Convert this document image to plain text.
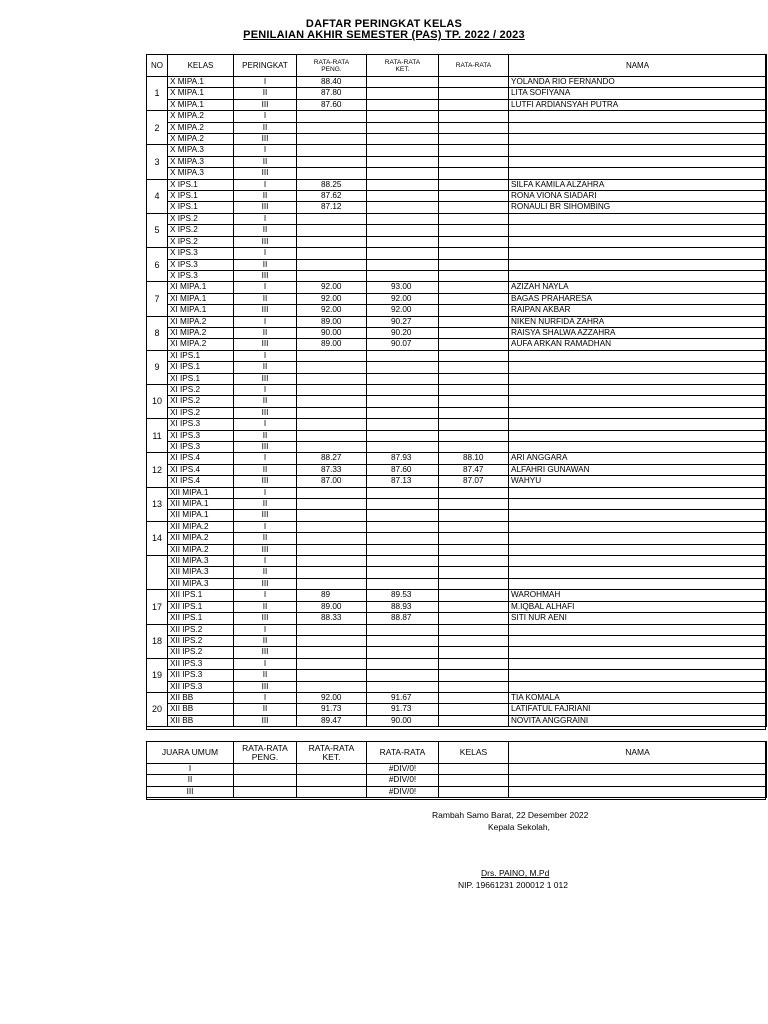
DAFTAR PERINGKAT KELAS
PENILAIAN AKHIR SEMESTER (PAS) TP. 2022 / 2023
NO	KELAS	PERINGKAT	RATA-RATA
PENG.	RATA-RATA
KET.	RATA-RATA	NAMA
1	X MIPA.1	I	88.40			YOLANDA RIO FERNANDO
	X MIPA.1	II	87.80			LITA SOFIYANA
	X MIPA.1	III	87.60			LUTFI ARDIANSYAH PUTRA
2	X MIPA.2	I				
	X MIPA.2	II				
	X MIPA.2	III				
3	X MIPA.3	I				
	X MIPA.3	II				
	X MIPA.3	III				
4	X IPS.1	I	88.25			SILFA KAMILA ALZAHRA
	X IPS.1	II	87.62			RONA VIONA SIADARI
	X IPS.1	III	87.12			RONAULI BR SIHOMBING
5	X IPS.2	I				
	X IPS.2	II				
	X IPS.2	III				
6	X IPS.3	I				
	X IPS.3	II				
	X IPS.3	III				
7	XI MIPA.1	I	92.00	93.00		AZIZAH NAYLA
	XI MIPA.1	II	92.00	92.00		BAGAS PRAHARESA
	XI MIPA.1	III	92.00	92.00		RAIPAN AKBAR
8	XI MIPA.2	I	89.00	90.27		NIKEN NURFIDA ZAHRA
	XI MIPA.2	II	90.00	90.20		RAISYA SHALWA AZZAHRA
	XI MIPA.2	III	89.00	90.07		AUFA ARKAN RAMADHAN
9	XI IPS.1	I				
	XI IPS.1	II				
	XI IPS.1	III				
10	XI IPS.2	I				
	XI IPS.2	II				
	XI IPS.2	III				
11	XI IPS.3	I				
	XI IPS.3	II				
	XI IPS.3	III				
12	XI IPS.4	I	88.27	87.93	88.10	ARI ANGGARA
	XI IPS.4	II	87.33	87.60	87.47	ALFAHRI GUNAWAN
	XI IPS.4	III	87.00	87.13	87.07	WAHYU
13	XII MIPA.1	I				
	XII MIPA.1	II				
	XII MIPA.1	III				
14	XII MIPA.2	I				
	XII MIPA.2	II				
	XII MIPA.2	III				
	XII MIPA.3	I				
	XII MIPA.3	II				
	XII MIPA.3	III				
17	XII IPS.1	I	89	89.53		WAROHMAH
	XII IPS.1	II	89.00	88.93		M.IQBAL ALHAFI
	XII IPS.1	III	88.33	88.87		SITI NUR AENI
18	XII IPS.2	I				
	XII IPS.2	II				
	XII IPS.2	III				
19	XII IPS.3	I				
	XII IPS.3	II				
	XII IPS.3	III				
20	XII BB	I	92.00	91.67		TIA KOMALA
	XII BB	II	91.73	91.73		LATIFATUL FAJRIANI
	XII BB	III	89.47	90.00		NOVITA ANGGRAINI
JUARA UMUM	RATA-RATA
PENG.	RATA-RATA
KET.	RATA-RATA	KELAS	NAMA
I			#DIV/0!		
II			#DIV/0!		
III			#DIV/0!		
Rambah Samo Barat, 22 Desember 2022
Kepala Sekolah,
Drs. PAINO, M.Pd
NIP. 19661231 200012 1 012
